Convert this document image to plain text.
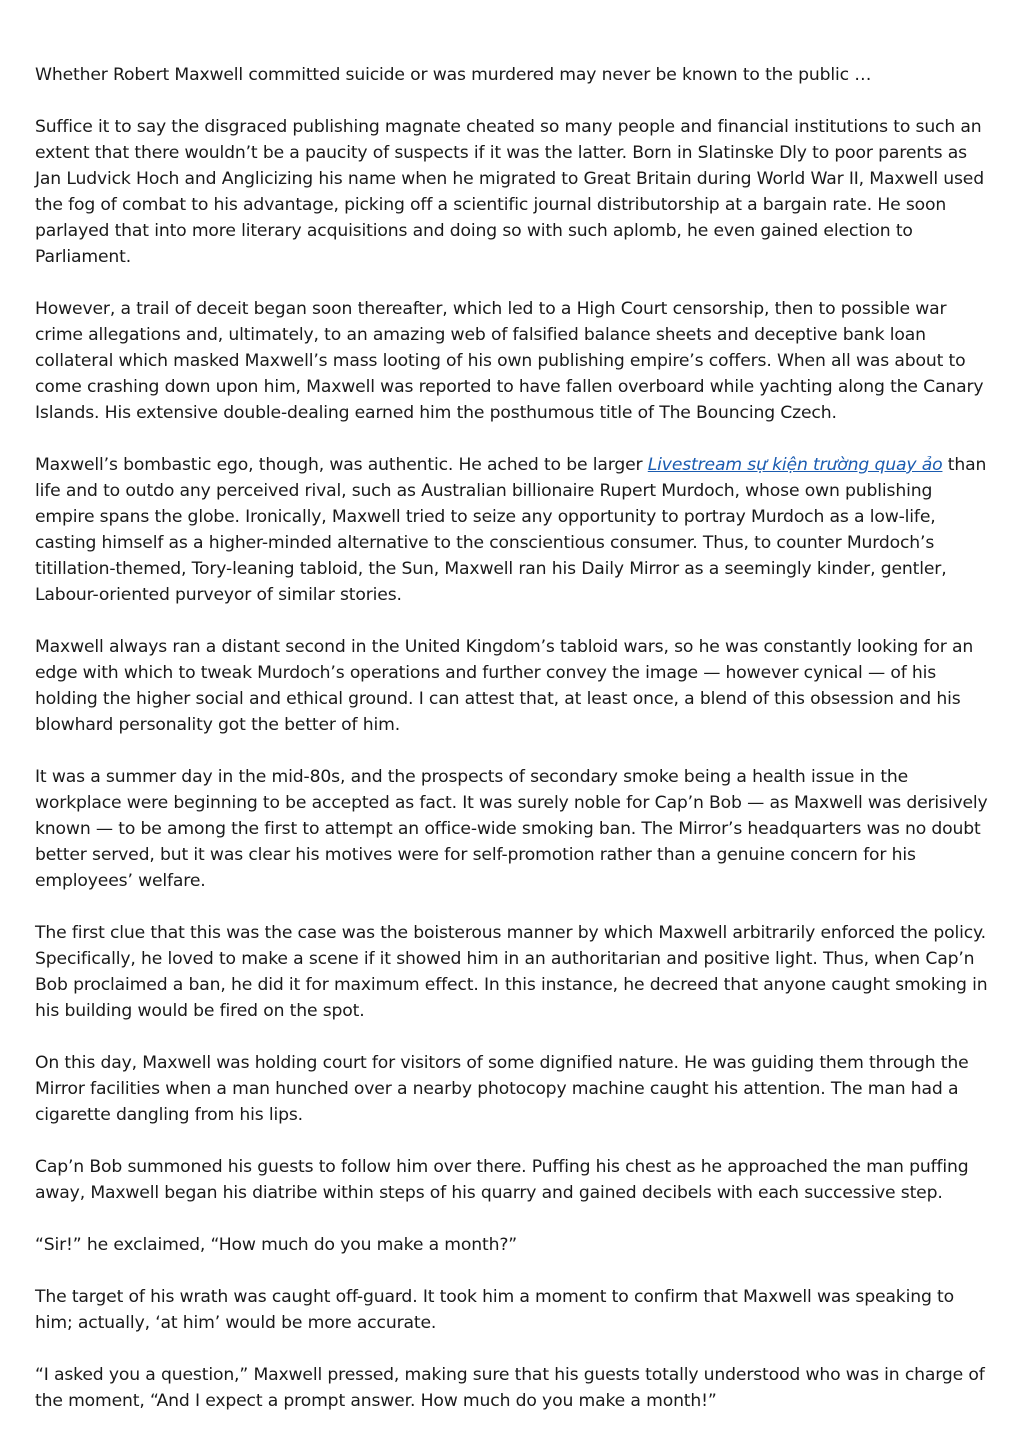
Whether Robert Maxwell committed suicide or was murdered may never be known to the public …

Suffice it to say the disgraced publishing magnate cheated so many people and financial institutions to such an extent that there wouldn’t be a paucity of suspects if it was the latter. Born in Slatinske Dly to poor parents as Jan Ludvick Hoch and Anglicizing his name when he migrated to Great Britain during World War II, Maxwell used the fog of combat to his advantage, picking off a scientific journal distributorship at a bargain rate. He soon parlayed that into more literary acquisitions and doing so with such aplomb, he even gained election to Parliament.

However, a trail of deceit began soon thereafter, which led to a High Court censorship, then to possible war crime allegations and, ultimately, to an amazing web of falsified balance sheets and deceptive bank loan collateral which masked Maxwell’s mass looting of his own publishing empire’s coffers. When all was about to come crashing down upon him, Maxwell was reported to have fallen overboard while yachting along the Canary Islands. His extensive double-dealing earned him the posthumous title of The Bouncing Czech.

Maxwell’s bombastic ego, though, was authentic. He ached to be larger Livestream sự kiện trường quay ảo than life and to outdo any perceived rival, such as Australian billionaire Rupert Murdoch, whose own publishing empire spans the globe. Ironically, Maxwell tried to seize any opportunity to portray Murdoch as a low-life, casting himself as a higher-minded alternative to the conscientious consumer. Thus, to counter Murdoch’s titillation-themed, Tory-leaning tabloid, the Sun, Maxwell ran his Daily Mirror as a seemingly kinder, gentler, Labour-oriented purveyor of similar stories.

Maxwell always ran a distant second in the United Kingdom’s tabloid wars, so he was constantly looking for an edge with which to tweak Murdoch’s operations and further convey the image — however cynical — of his holding the higher social and ethical ground. I can attest that, at least once, a blend of this obsession and his blowhard personality got the better of him.

It was a summer day in the mid-80s, and the prospects of secondary smoke being a health issue in the workplace were beginning to be accepted as fact. It was surely noble for Cap’n Bob — as Maxwell was derisively known — to be among the first to attempt an office-wide smoking ban. The Mirror’s headquarters was no doubt better served, but it was clear his motives were for self-promotion rather than a genuine concern for his employees’ welfare.

The first clue that this was the case was the boisterous manner by which Maxwell arbitrarily enforced the policy. Specifically, he loved to make a scene if it showed him in an authoritarian and positive light. Thus, when Cap’n Bob proclaimed a ban, he did it for maximum effect. In this instance, he decreed that anyone caught smoking in his building would be fired on the spot.

On this day, Maxwell was holding court for visitors of some dignified nature. He was guiding them through the Mirror facilities when a man hunched over a nearby photocopy machine caught his attention. The man had a cigarette dangling from his lips.

Cap’n Bob summoned his guests to follow him over there. Puffing his chest as he approached the man puffing away, Maxwell began his diatribe within steps of his quarry and gained decibels with each successive step.

“Sir!” he exclaimed, “How much do you make a month?”

The target of his wrath was caught off-guard. It took him a moment to confirm that Maxwell was speaking to him; actually, ‘at him’ would be more accurate.

“I asked you a question,” Maxwell pressed, making sure that his guests totally understood who was in charge of the moment, “And I expect a prompt answer. How much do you make a month!”
